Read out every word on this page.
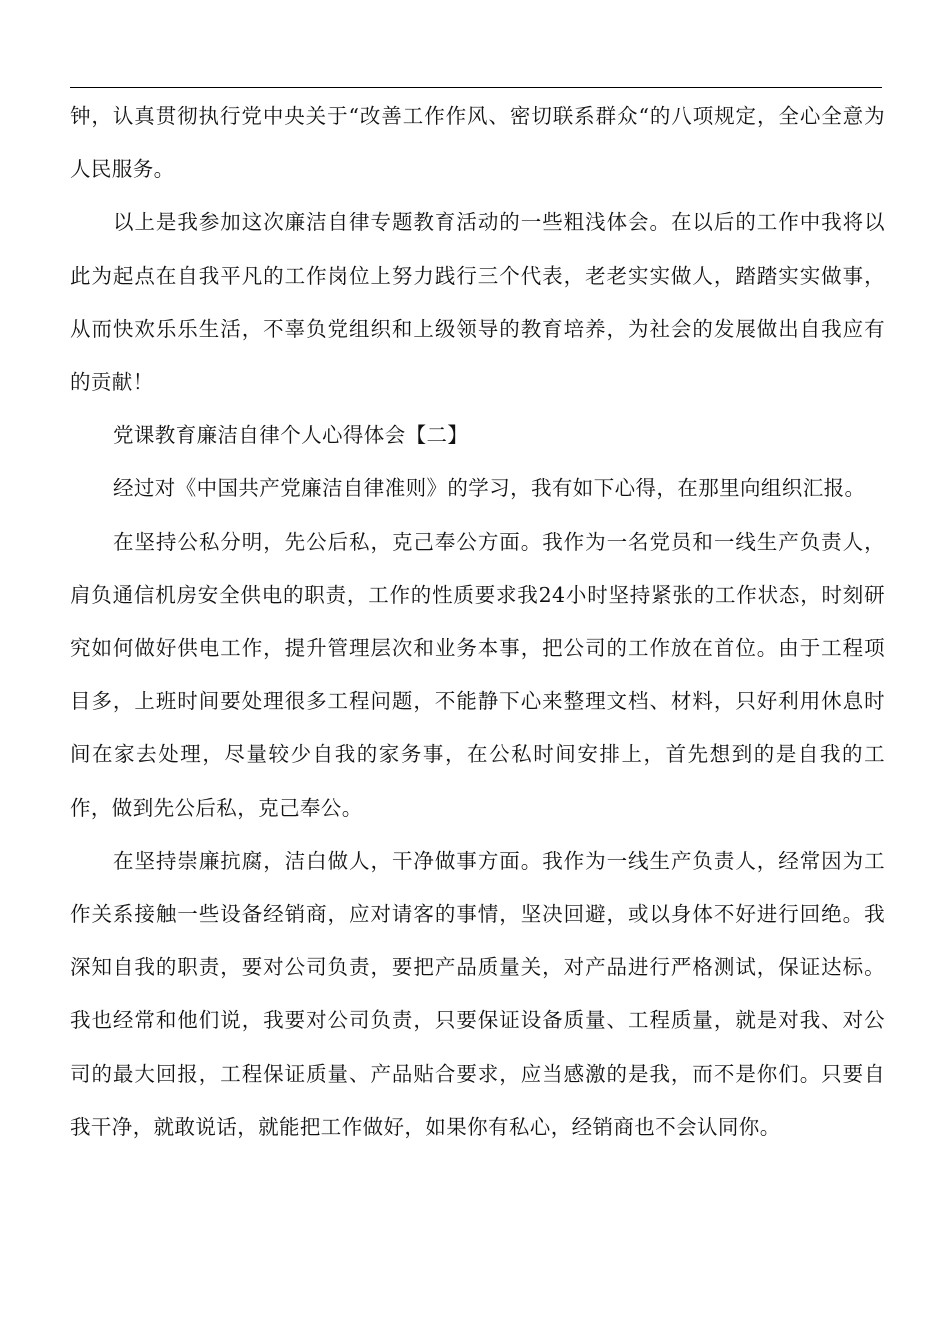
钟，认真贯彻执行党中央关于“改善工作作风、密切联系群众“的八项规定，全心全意为人民服务。

以上是我参加这次廉洁自律专题教育活动的一些粗浅体会。在以后的工作中我将以此为起点在自我平凡的工作岗位上努力践行三个代表，老老实实做人，踏踏实实做事，从而快欢乐乐生活，不辜负党组织和上级领导的教育培养，为社会的发展做出自我应有的贡献！

党课教育廉洁自律个人心得体会【二】

经过对《中国共产党廉洁自律准则》的学习，我有如下心得，在那里向组织汇报。

在坚持公私分明，先公后私，克己奉公方面。我作为一名党员和一线生产负责人，肩负通信机房安全供电的职责，工作的性质要求我24小时坚持紧张的工作状态，时刻研究如何做好供电工作，提升管理层次和业务本事，把公司的工作放在首位。由于工程项目多，上班时间要处理很多工程问题，不能静下心来整理文档、材料，只好利用休息时间在家去处理，尽量较少自我的家务事，在公私时间安排上，首先想到的是自我的工作，做到先公后私，克己奉公。

在坚持崇廉抗腐，洁白做人，干净做事方面。我作为一线生产负责人，经常因为工作关系接触一些设备经销商，应对请客的事情，坚决回避，或以身体不好进行回绝。我深知自我的职责，要对公司负责，要把产品质量关，对产品进行严格测试，保证达标。我也经常和他们说，我要对公司负责，只要保证设备质量、工程质量，就是对我、对公司的最大回报，工程保证质量、产品贴合要求，应当感激的是我，而不是你们。只要自我干净，就敢说话，就能把工作做好，如果你有私心，经销商也不会认同你。
